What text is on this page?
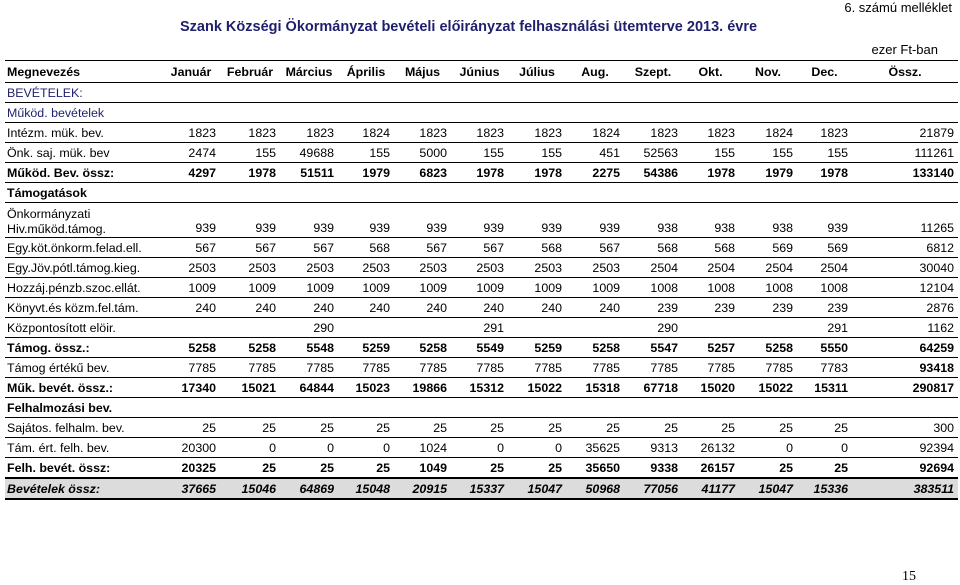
6. számú melléklet
Szank Községi Ökormányzat bevételi előirányzat felhasználási ütemterve 2013. évre
ezer Ft-ban
Megnevezés	Január	Február	Március	Április	Május	Június	Július	Aug.	Szept.	Okt.	Nov.	Dec.	Össz.
BEVÉTELEK:													
Működ. bevételek													
Intézm. mük. bev.	1823	1823	1823	1824	1823	1823	1823	1824	1823	1823	1824	1823	21879
Önk. saj. mük. bev	2474	155	49688	155	5000	155	155	451	52563	155	155	155	111261
Működ. Bev. össz:	4297	1978	51511	1979	6823	1978	1978	2275	54386	1978	1979	1978	133140
Támogatások													
Önkormányzati
Hiv.működ.támog.	939	939	939	939	939	939	939	939	938	938	938	939	11265
Egy.köt.önkorm.felad.ell.	567	567	567	568	567	567	568	567	568	568	569	569	6812
Egy.Jöv.pótl.támog.kieg.	2503	2503	2503	2503	2503	2503	2503	2503	2504	2504	2504	2504	30040
Hozzáj.pénzb.szoc.ellát.	1009	1009	1009	1009	1009	1009	1009	1009	1008	1008	1008	1008	12104
Könyvt.és közm.fel.tám.	240	240	240	240	240	240	240	240	239	239	239	239	2876
Központosított elöir.			290			291			290			291	1162
Támog. össz.:	5258	5258	5548	5259	5258	5549	5259	5258	5547	5257	5258	5550	64259
Támog értékű bev.	7785	7785	7785	7785	7785	7785	7785	7785	7785	7785	7785	7783	93418
Műk. bevét. össz.:	17340	15021	64844	15023	19866	15312	15022	15318	67718	15020	15022	15311	290817
Felhalmozási bev.													
Sajátos. felhalm. bev.	25	25	25	25	25	25	25	25	25	25	25	25	300
Tám. ért. felh. bev.	20300	0	0	0	1024	0	0	35625	9313	26132	0	0	92394
Felh. bevét. össz:	20325	25	25	25	1049	25	25	35650	9338	26157	25	25	92694
Bevételek össz:	37665	15046	64869	15048	20915	15337	15047	50968	77056	41177	15047	15336	383511
15
